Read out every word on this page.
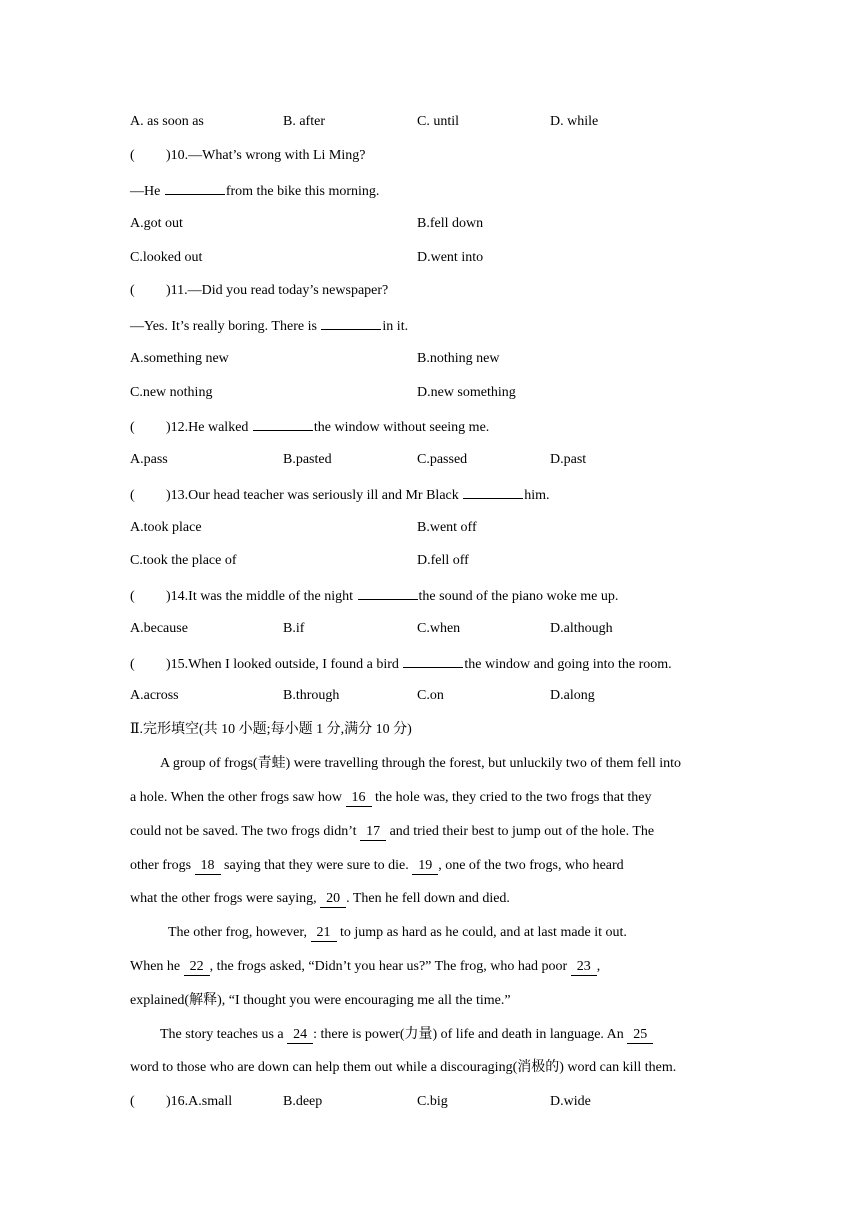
A. as soon as	B. after	C. until	D. while
( )10.—What’s wrong with Li Ming?
—He	from the bike this morning.
A.got out	B.fell down
C.looked out	D.went into
( )11.—Did you read today’s newspaper?
—Yes. It’s really boring. There is	in it.
A.something new	B.nothing new
C.new nothing	D.new something
( )12.He walked	the window without seeing me.
A.pass	B.pasted	C.passed	D.past
( )13.Our head teacher was seriously ill and Mr Black	him.
A.took place	B.went off
C.took the place of	D.fell off
( )14.It was the middle of the night	the sound of the piano woke me up.
A.because	B.if	C.when	D.although
( )15.When I looked outside, I found a bird	the window and going into the room.
A.across	B.through	C.on	D.along
Ⅱ.完形填空(共 10 小题;每小题 1 分,满分 10 分)
A group of frogs(青蛙) were travelling through the forest, but unluckily two of them fell into
a hole. When the other frogs saw how 16 the hole was, they cried to the two frogs that they
could not be saved. The two frogs didn’t 17 and tried their best to jump out of the hole. The
other frogs 18 saying that they were sure to die. 19 , one of the two frogs, who heard
what the other frogs were saying, 20 . Then he fell down and died.
The other frog, however, 21 to jump as hard as he could, and at last made it out.
When he 22 , the frogs asked, “Didn’t you hear us?” The frog, who had poor 23 ,
explained(解释), “I thought you were encouraging me all the time.”
The story teaches us a 24 : there is power(力量) of life and death in language. An 25
word to those who are down can help them out while a discouraging(消极的) word can kill them.
( )16.A.small	B.deep	C.big	D.wide
